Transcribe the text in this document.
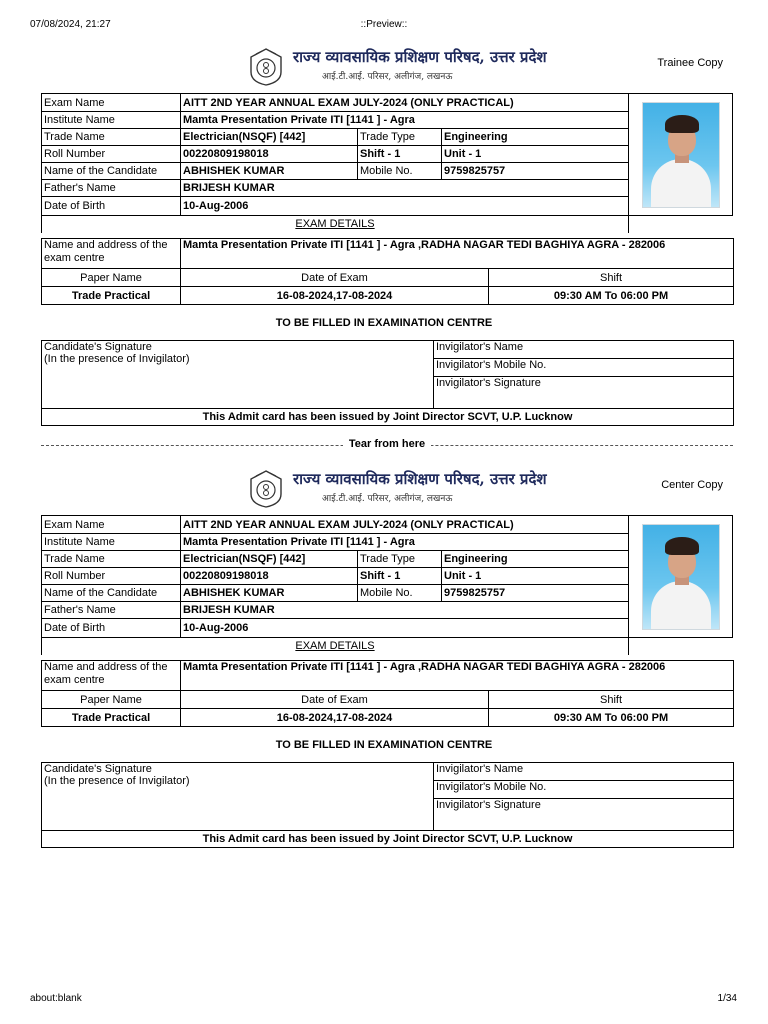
07/08/2024, 21:27	::Preview::
राज्य व्यावसायिक प्रशिक्षण परिषद, उत्तर प्रदेश
आई.टी.आई. परिसर, अलीगंज, लखनऊ
Trainee Copy
Exam Name	AITT 2ND YEAR ANNUAL EXAM JULY-2024 (ONLY PRACTICAL)			

Institute Name	Mamta Presentation Private ITI [1141 ] - Agra			
Trade Name	Electrician(NSQF) [442]	Trade Type	Engineering	
Roll Number	00220809198018	Shift - 1	Unit - 1	
Name of the Candidate	ABHISHEK KUMAR	Mobile No.	9759825757	
Father's Name	BRIJESH KUMAR			
Date of Birth	10-Aug-2006			
EXAM DETAILS				
Name and address of the exam centre	Mamta Presentation Private ITI [1141 ] - Agra ,RADHA NAGAR TEDI BAGHIYA AGRA - 282006	
Paper Name	Date of Exam	Shift
Trade Practical	16-08-2024,17-08-2024	09:30 AM To 06:00 PM
TO BE FILLED IN EXAMINATION CENTRE
Candidate's Signature
(In the presence of Invigilator)
	Invigilator's Name
Invigilator's Mobile No.
Invigilator's Signature
This Admit card has been issued by Joint Director SCVT, U.P. Lucknow
Tear from here
राज्य व्यावसायिक प्रशिक्षण परिषद, उत्तर प्रदेश
आई.टी.आई. परिसर, अलीगंज, लखनऊ
Center Copy
Exam Name	AITT 2ND YEAR ANNUAL EXAM JULY-2024 (ONLY PRACTICAL)			

Institute Name	Mamta Presentation Private ITI [1141 ] - Agra			
Trade Name	Electrician(NSQF) [442]	Trade Type	Engineering	
Roll Number	00220809198018	Shift - 1	Unit - 1	
Name of the Candidate	ABHISHEK KUMAR	Mobile No.	9759825757	
Father's Name	BRIJESH KUMAR			
Date of Birth	10-Aug-2006			
EXAM DETAILS				
Name and address of the exam centre	Mamta Presentation Private ITI [1141 ] - Agra ,RADHA NAGAR TEDI BAGHIYA AGRA - 282006	
Paper Name	Date of Exam	Shift
Trade Practical	16-08-2024,17-08-2024	09:30 AM To 06:00 PM
TO BE FILLED IN EXAMINATION CENTRE
Candidate's Signature
(In the presence of Invigilator)
	Invigilator's Name
Invigilator's Mobile No.
Invigilator's Signature
This Admit card has been issued by Joint Director SCVT, U.P. Lucknow
about:blank	1/34
